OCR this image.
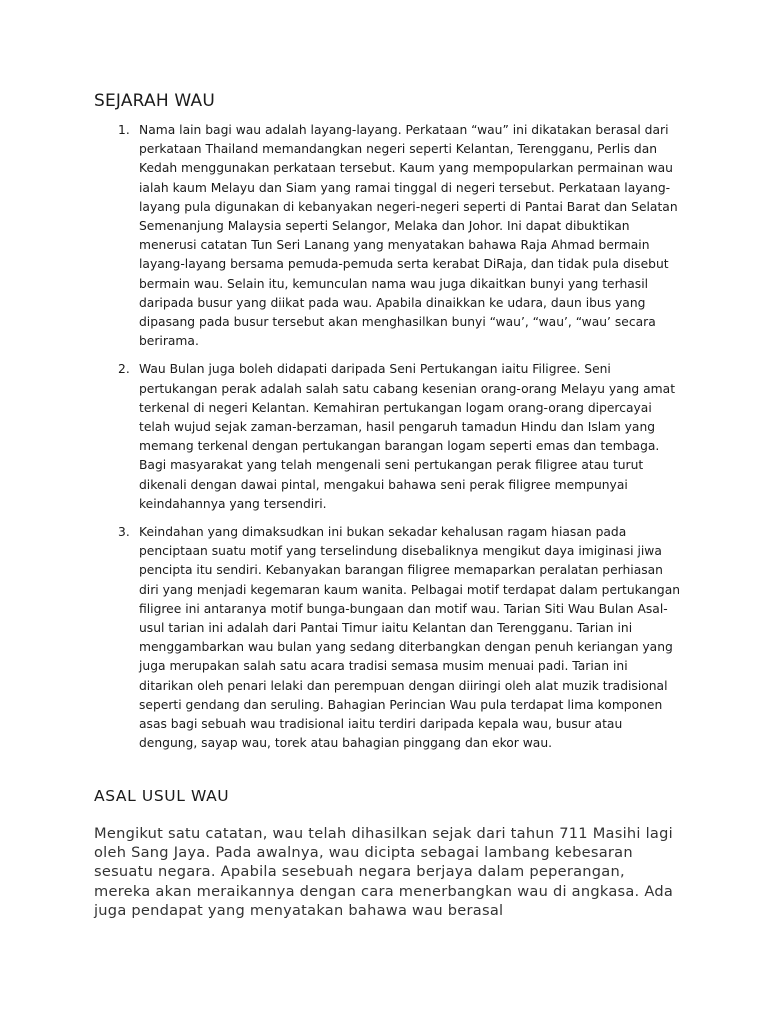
SEJARAH WAU
1. Nama lain bagi wau adalah layang-layang. Perkataan “wau” ini dikatakan berasal dari perkataan Thailand memandangkan negeri seperti Kelantan, Terengganu, Perlis dan Kedah menggunakan perkataan tersebut. Kaum yang mempopularkan permainan wau ialah kaum Melayu dan Siam yang ramai tinggal di negeri tersebut. Perkataan layang-layang pula digunakan di kebanyakan negeri-negeri seperti di Pantai Barat dan Selatan Semenanjung Malaysia seperti Selangor, Melaka dan Johor. Ini dapat dibuktikan menerusi catatan Tun Seri Lanang yang menyatakan bahawa Raja Ahmad bermain layang-layang bersama pemuda-pemuda serta kerabat DiRaja, dan tidak pula disebut bermain wau. Selain itu, kemunculan nama wau juga dikaitkan bunyi yang terhasil daripada busur yang diikat pada wau. Apabila dinaikkan ke udara, daun ibus yang dipasang pada busur tersebut akan menghasilkan bunyi “wau’, “wau’, “wau’ secara berirama.
2. Wau Bulan juga boleh didapati daripada Seni Pertukangan iaitu Filigree. Seni pertukangan perak adalah salah satu cabang kesenian orang-orang Melayu yang amat terkenal di negeri Kelantan. Kemahiran pertukangan logam orang-orang dipercayai telah wujud sejak zaman-berzaman, hasil pengaruh tamadun Hindu dan Islam yang memang terkenal dengan pertukangan barangan logam seperti emas dan tembaga. Bagi masyarakat yang telah mengenali seni pertukangan perak filigree atau turut dikenali dengan dawai pintal, mengakui bahawa seni perak filigree mempunyai keindahannya yang tersendiri.
3. Keindahan yang dimaksudkan ini bukan sekadar kehalusan ragam hiasan pada penciptaan suatu motif yang terselindung disebaliknya mengikut daya imiginasi jiwa pencipta itu sendiri. Kebanyakan barangan filigree memaparkan peralatan perhiasan diri yang menjadi kegemaran kaum wanita. Pelbagai motif terdapat dalam pertukangan filigree ini antaranya motif bunga-bungaan dan motif wau. Tarian Siti Wau Bulan Asal-usul tarian ini adalah dari Pantai Timur iaitu Kelantan dan Terengganu. Tarian ini menggambarkan wau bulan yang sedang diterbangkan dengan penuh keriangan yang juga merupakan salah satu acara tradisi semasa musim menuai padi. Tarian ini ditarikan oleh penari lelaki dan perempuan dengan diiringi oleh alat muzik tradisional seperti gendang dan seruling. Bahagian Perincian Wau pula terdapat lima komponen asas bagi sebuah wau tradisional iaitu terdiri daripada kepala wau, busur atau dengung, sayap wau, torek atau bahagian pinggang dan ekor wau.
ASAL USUL WAU

Mengikut satu catatan, wau telah dihasilkan sejak dari tahun 711 Masihi lagi oleh Sang Jaya. Pada awalnya, wau dicipta sebagai lambang kebesaran sesuatu negara. Apabila sesebuah negara berjaya dalam peperangan, mereka akan meraikannya dengan cara menerbangkan wau di angkasa. Ada juga pendapat yang menyatakan bahawa wau berasal
